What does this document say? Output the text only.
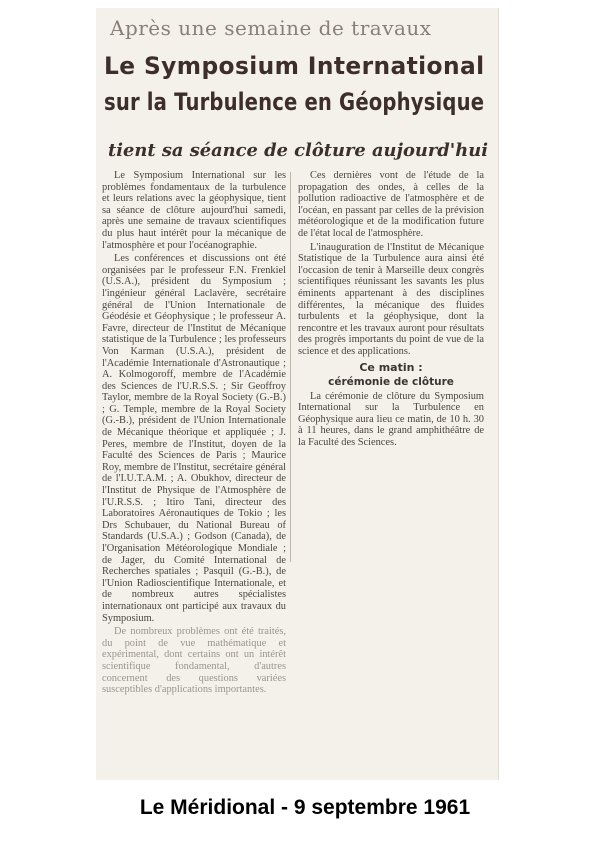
Après une semaine de travaux
Le Symposium International
sur la Turbulence en Géophysique
tient sa séance de clôture aujourd'hui

Le Symposium International sur les problèmes fondamentaux de la turbulence et leurs relations avec la géophysique, tient sa séance de clôture aujourd'hui samedi, après une semaine de travaux scientifiques du plus haut intérêt pour la mécanique de l'atmosphère et pour l'océanographie.

Les conférences et discussions ont été organisées par le professeur F.N. Frenkiel (U.S.A.), président du Symposium ; l'ingénieur général Laclavère, secrétaire général de l'Union Internationale de Géodésie et Géophysique ; le professeur A. Favre, directeur de l'Institut de Mécanique statistique de la Turbulence ; les professeurs Von Karman (U.S.A.), président de l'Académie Internationale d'Astronautique ; A. Kolmogoroff, membre de l'Académie des Sciences de l'U.R.S.S. ; Sir Geoffroy Taylor, membre de la Royal Society (G.-B.) ; G. Temple, membre de la Royal Society (G.-B.), président de l'Union Internationale de Mécanique théorique et appliquée ; J. Peres, membre de l'Institut, doyen de la Faculté des Sciences de Paris ; Maurice Roy, membre de l'Institut, secrétaire général de l'I.U.T.A.M. ; A. Obukhov, directeur de l'Institut de Physique de l'Atmosphère de l'U.R.S.S. ; Itiro Tani, directeur des Laboratoires Aéronautiques de Tokio ; les Drs Schubauer, du National Bureau of Standards (U.S.A.) ; Godson (Canada), de l'Organisation Météorologique Mondiale ; de Jager, du Comité International de Recherches spatiales ; Pasquil (G.-B.), de l'Union Radioscientifique Internationale, et de nombreux autres spécialistes internationaux ont participé aux travaux du Symposium.

De nombreux problèmes ont été traités, du point de vue mathématique et expérimental, dont certains ont un intérêt scientifique fondamental, d'autres concernent des questions variées susceptibles d'applications importantes.

Ces dernières vont de l'étude de la propagation des ondes, à celles de la pollution radioactive de l'atmosphère et de l'océan, en passant par celles de la prévision météorologique et de la modification future de l'état local de l'atmosphère.

L'inauguration de l'Institut de Mécanique Statistique de la Turbulence aura ainsi été l'occasion de tenir à Marseille deux congrès scientifiques réunissant les savants les plus éminents appartenant à des disciplines différentes, la mécanique des fluides turbulents et la géophysique, dont la rencontre et les travaux auront pour résultats des progrès importants du point de vue de la science et des applications.

Ce matin :
cérémonie de clôture

La cérémonie de clôture du Symposium International sur la Turbulence en Géophysique aura lieu ce matin, de 10 h. 30 à 11 heures, dans le grand amphithéâtre de la Faculté des Sciences.

Le Méridional - 9 septembre 1961
